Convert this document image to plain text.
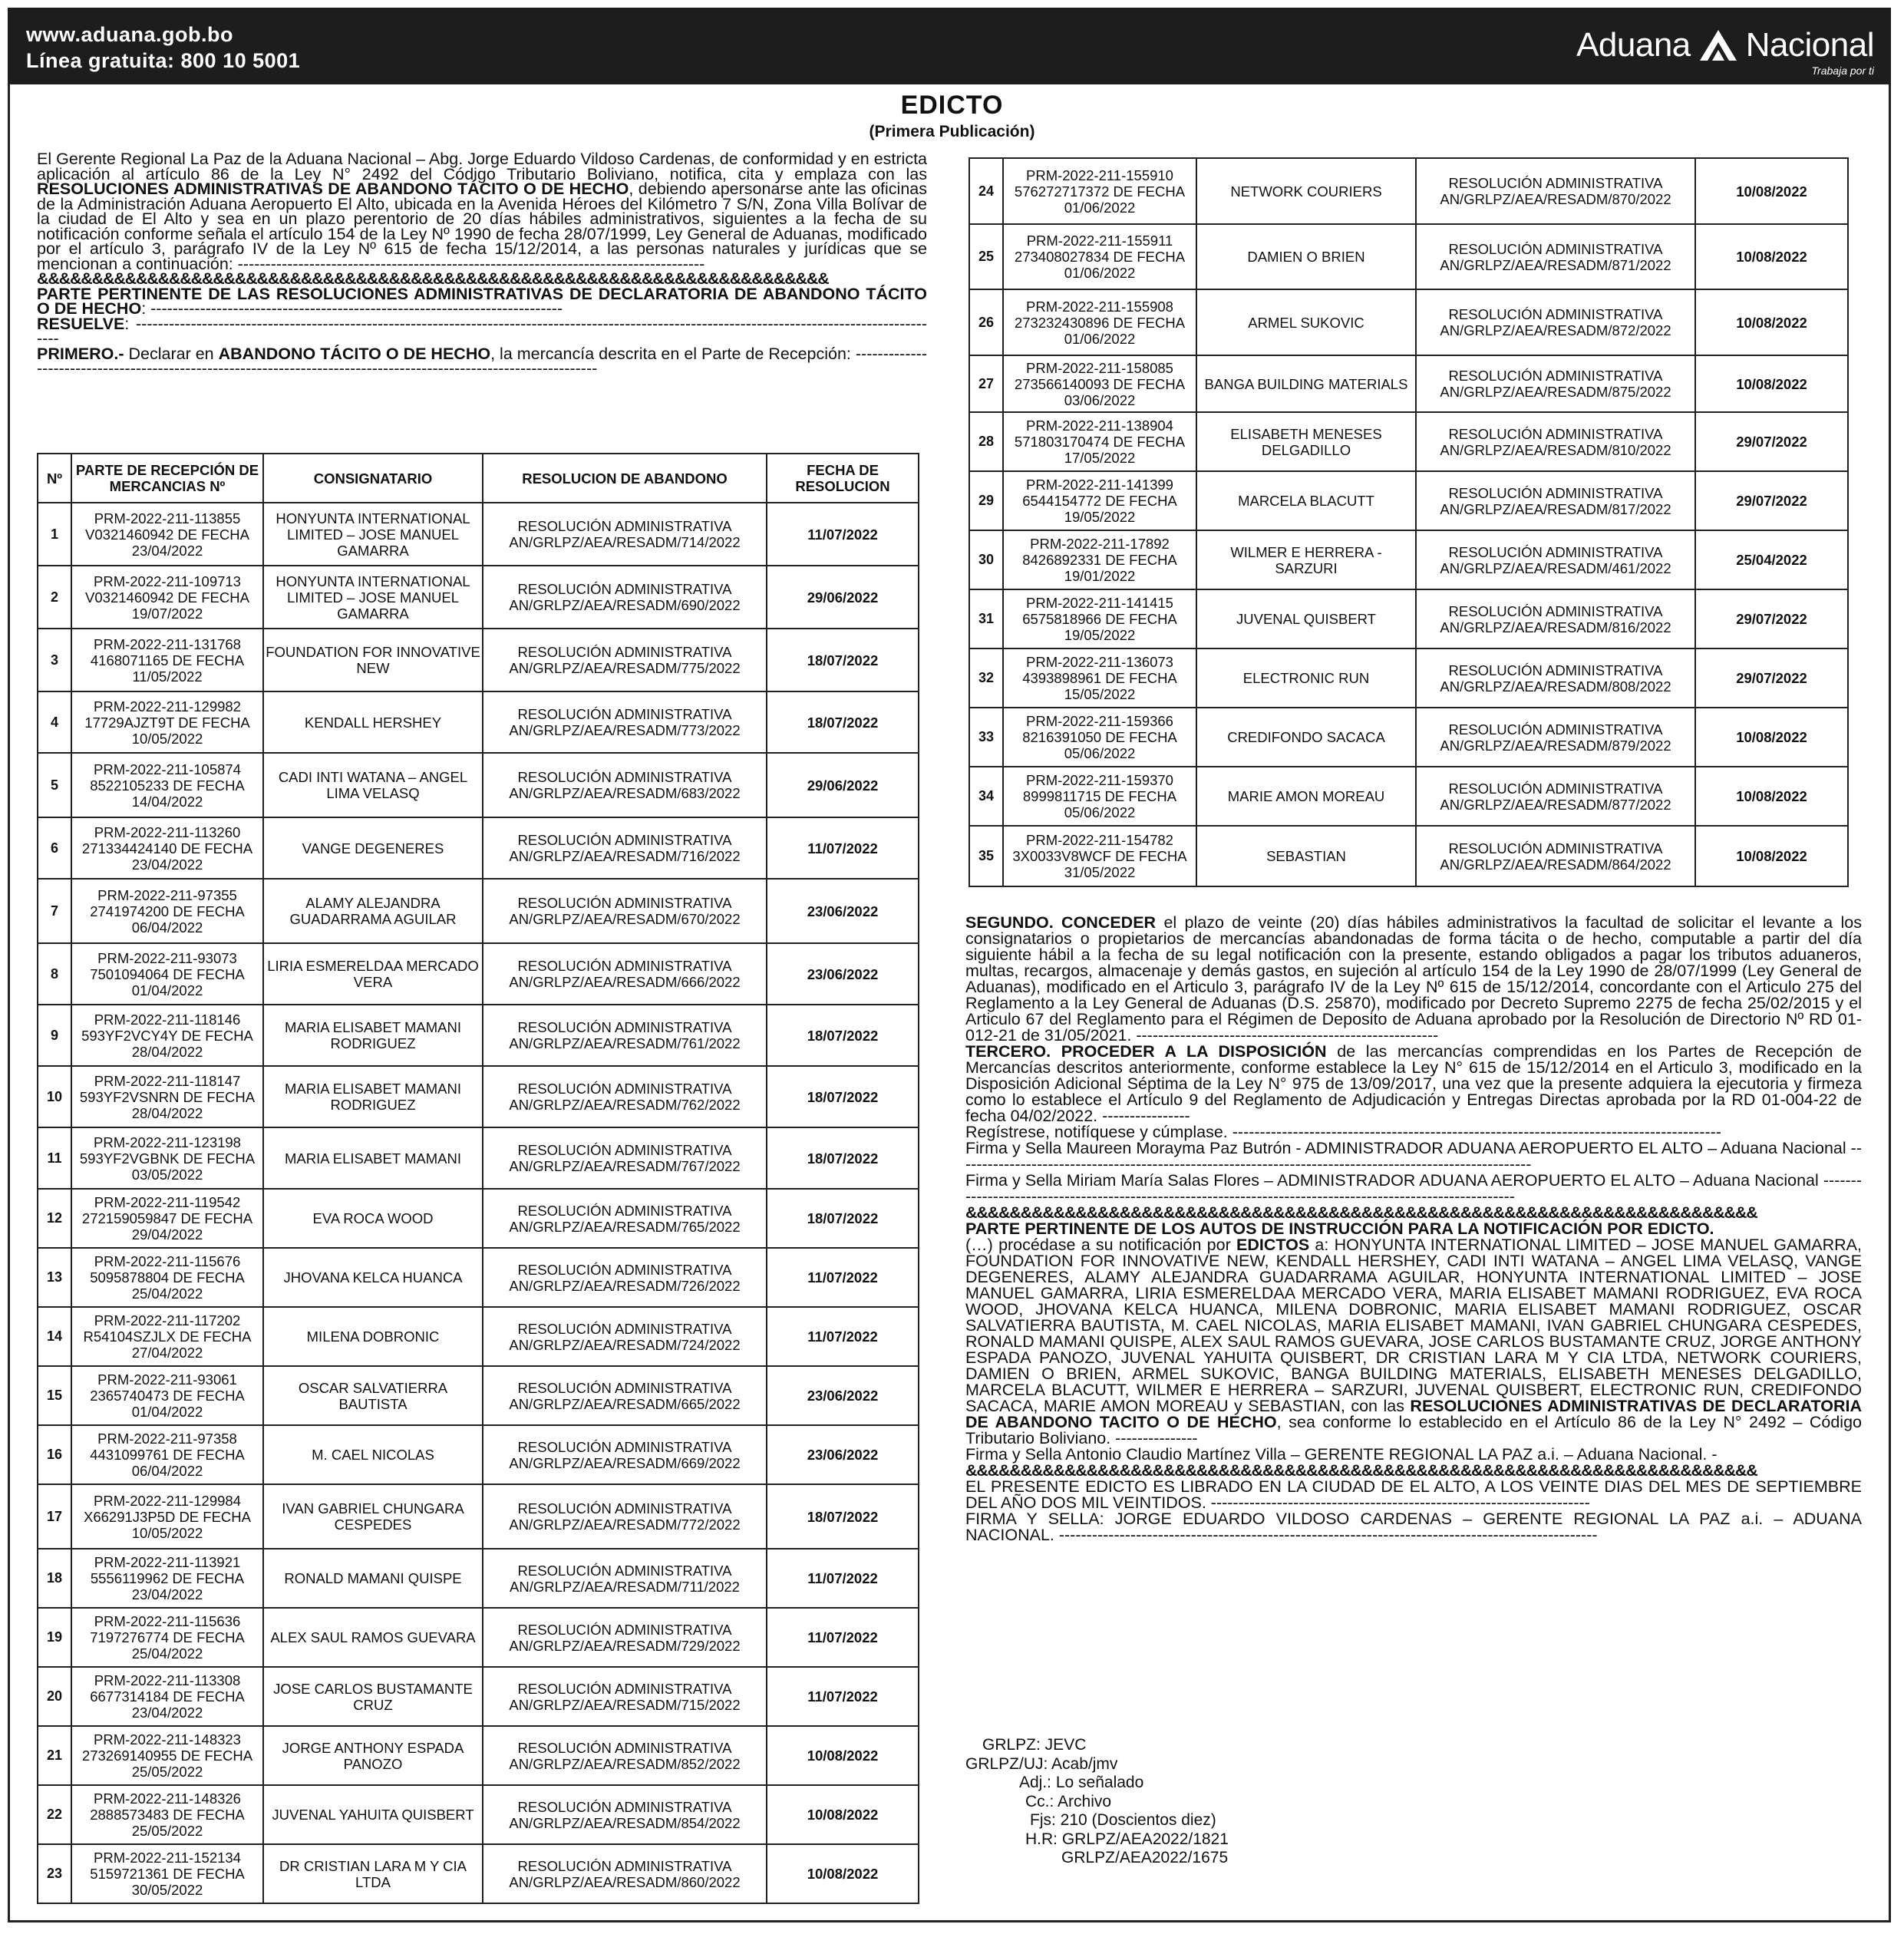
www.aduana.gob.bo
Línea gratuita: 800 10 5001	Aduana Nacional
Trabaja por ti
EDICTO
(Primera Publicación)

El Gerente Regional La Paz de la Aduana Nacional – Abg. Jorge Eduardo Vildoso Cardenas, de conformidad y en estricta aplicación al artículo 86 de la Ley N° 2492 del Código Tributario Boliviano, notifica, cita y emplaza con las RESOLUCIONES ADMINISTRATIVAS DE ABANDONO TÁCITO O DE HECHO, debiendo apersonarse ante las oficinas de la Administración Aduana Aeropuerto El Alto, ubicada en la Avenida Héroes del Kilómetro 7 S/N, Zona Villa Bolívar de la ciudad de El Alto y sea en un plazo perentorio de 20 días hábiles administrativos, siguientes a la fecha de su notificación conforme señala el artículo 154 de la Ley Nº 1990 de fecha 28/07/1999, Ley General de Aduanas, modificado por el artículo 3, parágrafo IV de la Ley Nº 615 de fecha 15/12/2014, a las personas naturales y jurídicas que se mencionan a continuación: -------------------------------------------------------------------------------------

&&&&&&&&&&&&&&&&&&&&&&&&&&&&&&&&&&&&&&&&&&&&&&&&&&&&&&&&&&&&&&&&&&&&&&&&

PARTE PERTINENTE DE LAS RESOLUCIONES ADMINISTRATIVAS DE DECLARATORIA DE ABANDONO TÁCITO O DE HECHO: ---------------------------------------------------------------------------

RESUELVE: ----------------------------------------------------------------------------------------------------------------------------------------------------

PRIMERO.- Declarar en ABANDONO TÁCITO O DE HECHO, la mercancía descrita en el Parte de Recepción: -------------------------------------------------------------------------------------------------------------------

Nº	PARTE DE RECEPCIÓN DE MERCANCIAS Nº	CONSIGNATARIO	RESOLUCION DE ABANDONO	FECHA DE RESOLUCION
1	PRM-2022-211-113855 V0321460942 DE FECHA 23/04/2022	HONYUNTA INTERNATIONAL LIMITED – JOSE MANUEL GAMARRA	RESOLUCIÓN ADMINISTRATIVA
AN/GRLPZ/AEA/RESADM/714/2022	11/07/2022
2	PRM-2022-211-109713 V0321460942 DE FECHA 19/07/2022	HONYUNTA INTERNATIONAL LIMITED – JOSE MANUEL GAMARRA	RESOLUCIÓN ADMINISTRATIVA
AN/GRLPZ/AEA/RESADM/690/2022	29/06/2022
3	PRM-2022-211-131768 4168071165 DE FECHA 11/05/2022	FOUNDATION FOR INNOVATIVE NEW	RESOLUCIÓN ADMINISTRATIVA
AN/GRLPZ/AEA/RESADM/775/2022	18/07/2022
4	PRM-2022-211-129982 17729AJZT9T DE FECHA 10/05/2022	KENDALL HERSHEY	RESOLUCIÓN ADMINISTRATIVA
AN/GRLPZ/AEA/RESADM/773/2022	18/07/2022
5	PRM-2022-211-105874 8522105233 DE FECHA 14/04/2022	CADI INTI WATANA – ANGEL LIMA VELASQ	RESOLUCIÓN ADMINISTRATIVA
AN/GRLPZ/AEA/RESADM/683/2022	29/06/2022
6	PRM-2022-211-113260 271334424140 DE FECHA 23/04/2022	VANGE DEGENERES	RESOLUCIÓN ADMINISTRATIVA
AN/GRLPZ/AEA/RESADM/716/2022	11/07/2022
7	PRM-2022-211-97355 2741974200 DE FECHA 06/04/2022	ALAMY ALEJANDRA GUADARRAMA AGUILAR	RESOLUCIÓN ADMINISTRATIVA
AN/GRLPZ/AEA/RESADM/670/2022	23/06/2022
8	PRM-2022-211-93073 7501094064 DE FECHA 01/04/2022	LIRIA ESMERELDAA MERCADO VERA	RESOLUCIÓN ADMINISTRATIVA
AN/GRLPZ/AEA/RESADM/666/2022	23/06/2022
9	PRM-2022-211-118146 593YF2VCY4Y DE FECHA 28/04/2022	MARIA ELISABET MAMANI RODRIGUEZ	RESOLUCIÓN ADMINISTRATIVA
AN/GRLPZ/AEA/RESADM/761/2022	18/07/2022
10	PRM-2022-211-118147 593YF2VSNRN DE FECHA 28/04/2022	MARIA ELISABET MAMANI RODRIGUEZ	RESOLUCIÓN ADMINISTRATIVA
AN/GRLPZ/AEA/RESADM/762/2022	18/07/2022
11	PRM-2022-211-123198 593YF2VGBNK DE FECHA 03/05/2022	MARIA ELISABET MAMANI	RESOLUCIÓN ADMINISTRATIVA
AN/GRLPZ/AEA/RESADM/767/2022	18/07/2022
12	PRM-2022-211-119542 272159059847 DE FECHA 29/04/2022	EVA ROCA WOOD	RESOLUCIÓN ADMINISTRATIVA
AN/GRLPZ/AEA/RESADM/765/2022	18/07/2022
13	PRM-2022-211-115676 5095878804 DE FECHA 25/04/2022	JHOVANA KELCA HUANCA	RESOLUCIÓN ADMINISTRATIVA
AN/GRLPZ/AEA/RESADM/726/2022	11/07/2022
14	PRM-2022-211-117202 R54104SZJLX DE FECHA 27/04/2022	MILENA DOBRONIC	RESOLUCIÓN ADMINISTRATIVA
AN/GRLPZ/AEA/RESADM/724/2022	11/07/2022
15	PRM-2022-211-93061 2365740473 DE FECHA 01/04/2022	OSCAR SALVATIERRA BAUTISTA	RESOLUCIÓN ADMINISTRATIVA
AN/GRLPZ/AEA/RESADM/665/2022	23/06/2022
16	PRM-2022-211-97358 4431099761 DE FECHA 06/04/2022	M. CAEL NICOLAS	RESOLUCIÓN ADMINISTRATIVA
AN/GRLPZ/AEA/RESADM/669/2022	23/06/2022
17	PRM-2022-211-129984 X66291J3P5D DE FECHA 10/05/2022	IVAN GABRIEL CHUNGARA CESPEDES	RESOLUCIÓN ADMINISTRATIVA
AN/GRLPZ/AEA/RESADM/772/2022	18/07/2022
18	PRM-2022-211-113921 5556119962 DE FECHA 23/04/2022	RONALD MAMANI QUISPE	RESOLUCIÓN ADMINISTRATIVA
AN/GRLPZ/AEA/RESADM/711/2022	11/07/2022
19	PRM-2022-211-115636 7197276774 DE FECHA 25/04/2022	ALEX SAUL RAMOS GUEVARA	RESOLUCIÓN ADMINISTRATIVA
AN/GRLPZ/AEA/RESADM/729/2022	11/07/2022
20	PRM-2022-211-113308 6677314184 DE FECHA 23/04/2022	JOSE CARLOS BUSTAMANTE CRUZ	RESOLUCIÓN ADMINISTRATIVA
AN/GRLPZ/AEA/RESADM/715/2022	11/07/2022
21	PRM-2022-211-148323 273269140955 DE FECHA 25/05/2022	JORGE ANTHONY ESPADA PANOZO	RESOLUCIÓN ADMINISTRATIVA
AN/GRLPZ/AEA/RESADM/852/2022	10/08/2022
22	PRM-2022-211-148326 2888573483 DE FECHA 25/05/2022	JUVENAL YAHUITA QUISBERT	RESOLUCIÓN ADMINISTRATIVA
AN/GRLPZ/AEA/RESADM/854/2022	10/08/2022
23	PRM-2022-211-152134 5159721361 DE FECHA 30/05/2022	DR CRISTIAN LARA M Y CIA LTDA	RESOLUCIÓN ADMINISTRATIVA
AN/GRLPZ/AEA/RESADM/860/2022	10/08/2022
24	PRM-2022-211-155910 576272717372 DE FECHA 01/06/2022	NETWORK COURIERS	RESOLUCIÓN ADMINISTRATIVA
AN/GRLPZ/AEA/RESADM/870/2022	10/08/2022
25	PRM-2022-211-155911 273408027834 DE FECHA 01/06/2022	DAMIEN O BRIEN	RESOLUCIÓN ADMINISTRATIVA
AN/GRLPZ/AEA/RESADM/871/2022	10/08/2022
26	PRM-2022-211-155908 273232430896 DE FECHA 01/06/2022	ARMEL SUKOVIC	RESOLUCIÓN ADMINISTRATIVA
AN/GRLPZ/AEA/RESADM/872/2022	10/08/2022
27	PRM-2022-211-158085 273566140093 DE FECHA 03/06/2022	BANGA BUILDING MATERIALS	RESOLUCIÓN ADMINISTRATIVA
AN/GRLPZ/AEA/RESADM/875/2022	10/08/2022
28	PRM-2022-211-138904 571803170474 DE FECHA 17/05/2022	ELISABETH MENESES DELGADILLO	RESOLUCIÓN ADMINISTRATIVA
AN/GRLPZ/AEA/RESADM/810/2022	29/07/2022
29	PRM-2022-211-141399 6544154772 DE FECHA 19/05/2022	MARCELA BLACUTT	RESOLUCIÓN ADMINISTRATIVA
AN/GRLPZ/AEA/RESADM/817/2022	29/07/2022
30	PRM-2022-211-17892 8426892331 DE FECHA 19/01/2022	WILMER E HERRERA - SARZURI	RESOLUCIÓN ADMINISTRATIVA
AN/GRLPZ/AEA/RESADM/461/2022	25/04/2022
31	PRM-2022-211-141415 6575818966 DE FECHA 19/05/2022	JUVENAL QUISBERT	RESOLUCIÓN ADMINISTRATIVA
AN/GRLPZ/AEA/RESADM/816/2022	29/07/2022
32	PRM-2022-211-136073 4393898961 DE FECHA 15/05/2022	ELECTRONIC RUN	RESOLUCIÓN ADMINISTRATIVA
AN/GRLPZ/AEA/RESADM/808/2022	29/07/2022
33	PRM-2022-211-159366 8216391050 DE FECHA 05/06/2022	CREDIFONDO SACACA	RESOLUCIÓN ADMINISTRATIVA
AN/GRLPZ/AEA/RESADM/879/2022	10/08/2022
34	PRM-2022-211-159370 8999811715 DE FECHA 05/06/2022	MARIE AMON MOREAU	RESOLUCIÓN ADMINISTRATIVA
AN/GRLPZ/AEA/RESADM/877/2022	10/08/2022
35	PRM-2022-211-154782 3X0033V8WCF DE FECHA 31/05/2022	SEBASTIAN	RESOLUCIÓN ADMINISTRATIVA
AN/GRLPZ/AEA/RESADM/864/2022	10/08/2022

SEGUNDO. CONCEDER el plazo de veinte (20) días hábiles administrativos la facultad de solicitar el levante a los consignatarios o propietarios de mercancías abandonadas de forma tácita o de hecho, computable a partir del día siguiente hábil a la fecha de su legal notificación con la presente, estando obligados a pagar los tributos aduaneros, multas, recargos, almacenaje y demás gastos, en sujeción al artículo 154 de la Ley 1990 de 28/07/1999 (Ley General de Aduanas), modificado en el Articulo 3, parágrafo IV de la Ley Nº 615 de 15/12/2014, concordante con el Articulo 275 del Reglamento a la Ley General de Aduanas (D.S. 25870), modificado por Decreto Supremo 2275 de fecha 25/02/2015 y el Articulo 67 del Reglamento para el Régimen de Deposito de Aduana aprobado por la Resolución de Directorio Nº RD 01-012-21 de 31/05/2021. -------------------------------------------------------

TERCERO. PROCEDER A LA DISPOSICIÓN de las mercancías comprendidas en los Partes de Recepción de Mercancías descritos anteriormente, conforme establece la Ley N° 615 de 15/12/2014 en el Articulo 3, modificado en la Disposición Adicional Séptima de la Ley N° 975 de 13/09/2017, una vez que la presente adquiera la ejecutoria y firmeza como lo establece el Artículo 9 del Reglamento de Adjudicación y Entregas Directas aprobada por la RD 01-004-22 de fecha 04/02/2022. ----------------

Regístrese, notifíquese y cúmplase. -----------------------------------------------------------------------------------------

Firma y Sella Maureen Morayma Paz Butrón - ADMINISTRADOR ADUANA AEROPUERTO EL ALTO – Aduana Nacional ---------------------------------------------------------------------------------------------------------

Firma y Sella Miriam María Salas Flores – ADMINISTRADOR ADUANA AEROPUERTO EL ALTO – Aduana Nacional -----------------------------------------------------------------------------------------------------------

&&&&&&&&&&&&&&&&&&&&&&&&&&&&&&&&&&&&&&&&&&&&&&&&&&&&&&&&&&&&&&&&&&&&&&&&

PARTE PERTINENTE DE LOS AUTOS DE INSTRUCCIÓN PARA LA NOTIFICACIÓN POR EDICTO.

(…) procédase a su notificación por EDICTOS a: HONYUNTA INTERNATIONAL LIMITED – JOSE MANUEL GAMARRA, FOUNDATION FOR INNOVATIVE NEW, KENDALL HERSHEY, CADI INTI WATANA – ANGEL LIMA VELASQ, VANGE DEGENERES, ALAMY ALEJANDRA GUADARRAMA AGUILAR, HONYUNTA INTERNATIONAL LIMITED – JOSE MANUEL GAMARRA, LIRIA ESMERELDAA MERCADO VERA, MARIA ELISABET MAMANI RODRIGUEZ, EVA ROCA WOOD, JHOVANA KELCA HUANCA, MILENA DOBRONIC, MARIA ELISABET MAMANI RODRIGUEZ, OSCAR SALVATIERRA BAUTISTA, M. CAEL NICOLAS, MARIA ELISABET MAMANI, IVAN GABRIEL CHUNGARA CESPEDES, RONALD MAMANI QUISPE, ALEX SAUL RAMOS GUEVARA, JOSE CARLOS BUSTAMANTE CRUZ, JORGE ANTHONY ESPADA PANOZO, JUVENAL YAHUITA QUISBERT, DR CRISTIAN LARA M Y CIA LTDA, NETWORK COURIERS, DAMIEN O BRIEN, ARMEL SUKOVIC, BANGA BUILDING MATERIALS, ELISABETH MENESES DELGADILLO, MARCELA BLACUTT, WILMER E HERRERA – SARZURI, JUVENAL QUISBERT, ELECTRONIC RUN, CREDIFONDO SACACA, MARIE AMON MOREAU y SEBASTIAN, con las RESOLUCIONES ADMINISTRATIVAS DE DECLARATORIA DE ABANDONO TACITO O DE HECHO, sea conforme lo establecido en el Artículo 86 de la Ley N° 2492 – Código Tributario Boliviano. ---------------

Firma y Sella Antonio Claudio Martínez Villa – GERENTE REGIONAL LA PAZ a.i. – Aduana Nacional. -

&&&&&&&&&&&&&&&&&&&&&&&&&&&&&&&&&&&&&&&&&&&&&&&&&&&&&&&&&&&&&&&&&&&&&&&&

EL PRESENTE EDICTO ES LIBRADO EN LA CIUDAD DE EL ALTO, A LOS VEINTE DIAS DEL MES DE SEPTIEMBRE DEL AÑO DOS MIL VEINTIDOS. ---------------------------------------------------------------------

FIRMA Y SELLA: JORGE EDUARDO VILDOSO CARDENAS – GERENTE REGIONAL LA PAZ a.i. – ADUANA NACIONAL. --------------------------------------------------------------------------------------------------

GRLPZ: JEVC
GRLPZ/UJ: Acab/jmv
Adj.: Lo señalado
Cc.: Archivo
Fjs: 210 (Doscientos diez)
H.R: GRLPZ/AEA2022/1821
GRLPZ/AEA2022/1675
